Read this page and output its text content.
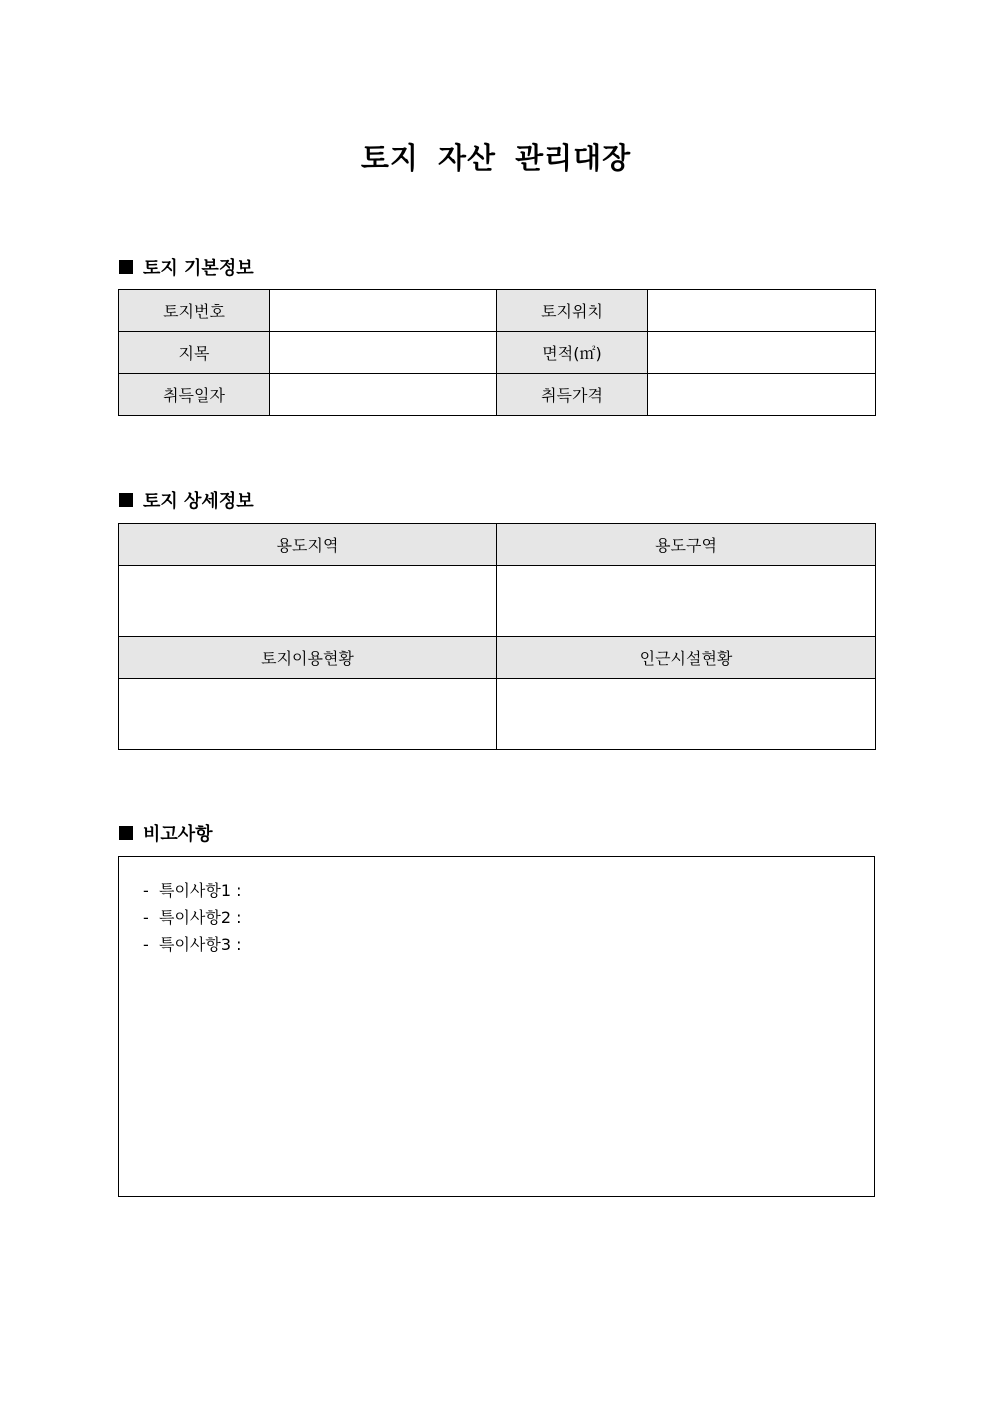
토지 자산 관리대장
토지 기본정보
토지번호		토지위치	
지목		면적(㎡)	
취득일자		취득가격	
토지 상세정보
용도지역	용도구역

토지이용현황	인근시설현황

비고사항
- 특이사항1 :
- 특이사항2 :
- 특이사항3 :
